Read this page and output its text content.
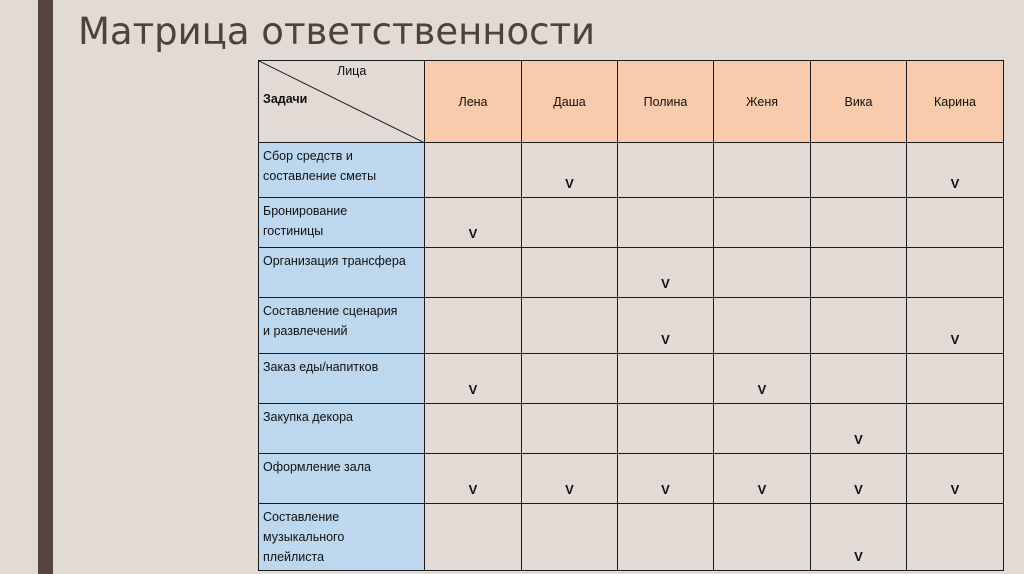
Матрица ответственности
Лица
Задачи	Лена	Даша	Полина	Женя	Вика	Карина
Сбор средств и
составление сметы		V				V
Бронирование
гостиницы	V					
Организация трансфера			V			
Составление сценария
и развлечений			V			V
Заказ еды/напитков	V			V		
Закупка декора					V	
Оформление зала	V	V	V	V	V	V
Составление
музыкального
плейлиста					V	
